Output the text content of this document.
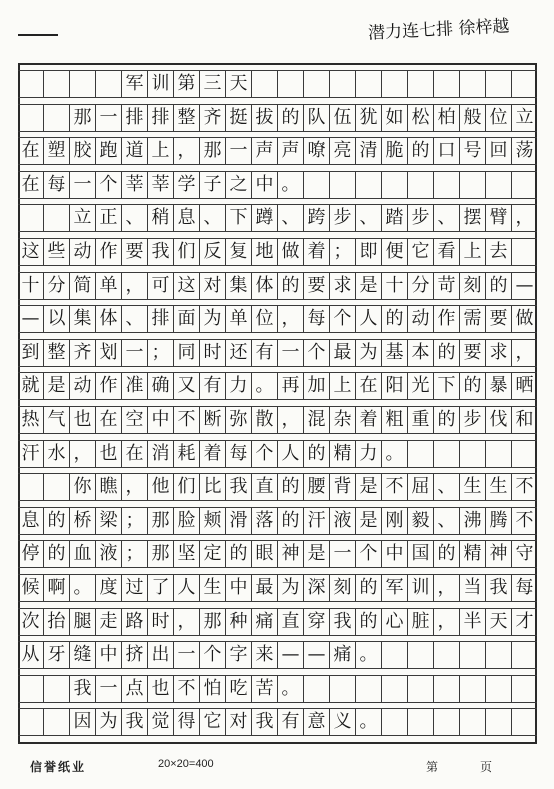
潜力连七排 徐梓越
军 训 第 三 天
那 一 排 排 整 齐 挺 拔 的 队 伍 犹 如 松 柏 般 位 立
在 塑 胶 跑 道 上 ， 那 一 声 声 嘹 亮 清 脆 的 口 号 回 荡
在 每 一 个 莘 莘 学 子 之 中 。
立 正 、 稍 息 、 下 蹲 、 跨 步 、 踏 步 、 摆 臂 ，
这 些 动 作 要 我 们 反 复 地 做 着 ； 即 便 它 看 上 去
十 分 简 单 ， 可 这 对 集 体 的 要 求 是 十 分 苛 刻 的 —
— 以 集 体 、 排 面 为 单 位 ， 每 个 人 的 动 作 需 要 做
到 整 齐 划 一 ； 同 时 还 有 一 个 最 为 基 本 的 要 求 ，
就 是 动 作 准 确 又 有 力 。 再 加 上 在 阳 光 下 的 暴 晒
热 气 也 在 空 中 不 断 弥 散 ， 混 杂 着 粗 重 的 步 伐 和
汗 水 ， 也 在 消 耗 着 每 个 人 的 精 力 。
你 瞧 ， 他 们 比 我 直 的 腰 背 是 不 屈 、 生 生 不
息 的 桥 梁 ； 那 脸 颊 滑 落 的 汗 液 是 刚 毅 、 沸 腾 不
停 的 血 液 ； 那 坚 定 的 眼 神 是 一 个 中 国 的 精 神 守
候 啊 。 度 过 了 人 生 中 最 为 深 刻 的 军 训 ， 当 我 每
次 抬 腿 走 路 时 ， 那 种 痛 直 穿 我 的 心 脏 ， 半 天 才
从 牙 缝 中 挤 出 一 个 字 来 — — 痛 。
我 一 点 也 不 怕 吃 苦 。
因 为 我 觉 得 它 对 我 有 意 义 。
信誉纸业	20×20=400	第	页
